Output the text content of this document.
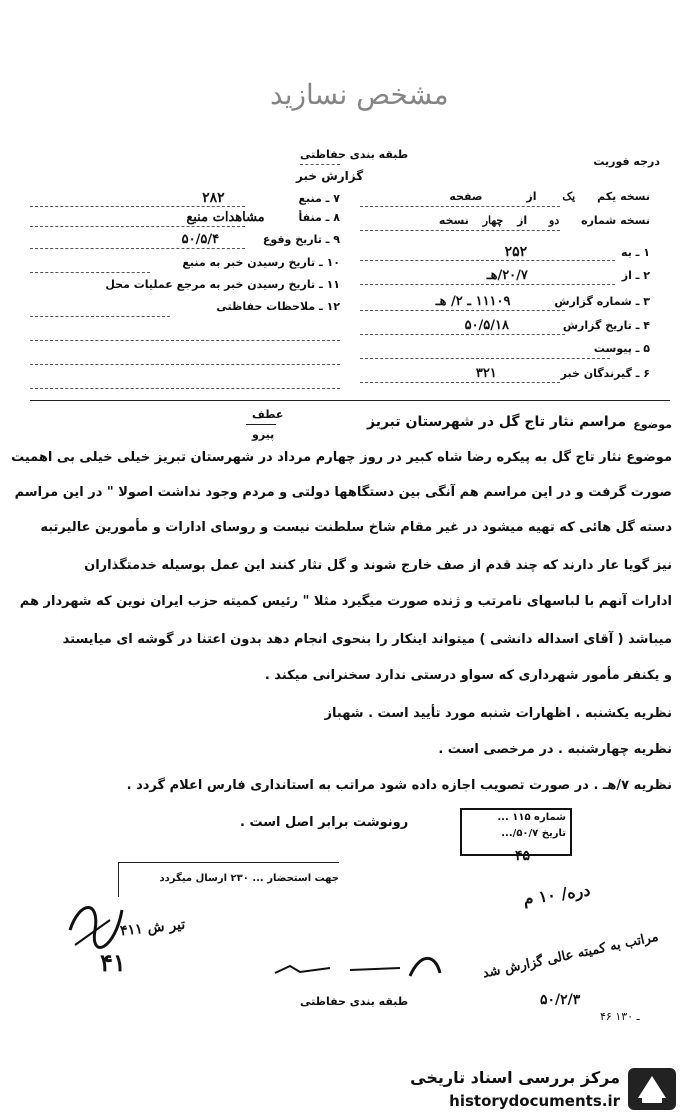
مشخص نسازید
طبقه بندی حفاظتی
گزارش خبر
درجه فوریت
نسخه یکم یک از صفحه
نسخه شماره دو از چهار نسخه
۱ ـ به ۲۵۲
۲ ـ از ۲۰/۷/هـ
۳ ـ شماره گزارش ۱۱۱۰۹ ـ ۲/ هـ
۴ ـ تاریخ گزارش ۵۰/۵/۱۸
۵ ـ پیوست
۶ ـ گیرندگان خبر ۳۲۱
۷ ـ منبع ۲۸۲
۸ ـ منفأ مشاهدات منبع
۹ ـ تاریخ وقوع ۵۰/۵/۴
۱۰ ـ تاریخ رسیدن خبر به منبع
۱۱ ـ تاریخ رسیدن خبر به مرجع عملیات محل
۱۲ ـ ملاحظات حفاظتی
عطف
پیرو
موضوع
مراسم نثار تاج گل در شهرستان تبریز
موضوع نثار تاج گل به پیکره رضا شاه کبیر در روز چهارم مرداد در شهرستان تبریز خیلی خیلی بی اهمیت
صورت گرفت و در این مراسم هم آنگی بین دستگاهها دولتی و مردم وجود نداشت اصولا " در این مراسم
دسته گل هائی که تهیه میشود در غیر مقام شاخ سلطنت نیست و روسای ادارات و مأمورین عالیرتبه
نیز گویا عار دارند که چند قدم از صف خارج شوند و گل نثار کنند این عمل بوسیله خدمتگذاران
ادارات آنهم با لباسهای نامرتب و ژنده صورت میگیرد مثلا " رئیس کمیته حزب ایران نوین که شهردار هم
میباشد ( آقای اسداله دانشی ) میتواند اینکار را بنحوی انجام دهد بدون اعتنا در گوشه ای میایستد
و یکنفر مأمور شهرداری که سواو درستی ندارد سخنرانی میکند .
نظریه یکشنبه . اظهارات شنبه مورد تأیید است . شهباز
نظریه چهارشنبه . در مرخصی است .
نظریه ۷/هـ . در صورت تصویب اجازه داده شود مراتب به استانداری فارس اعلام گردد .
رونوشت برابر اصل است .	شماره ۱۱۵ ...
تاریخ ۵۰/۷/...
۴۵
جهت استحضار ... ۲۳۰ ارسال میگردد
تیر ش ۴۱۱
۴۱
دره/ ۱۰ م
مراتب به کمیته عالی گزارش شد
۵۰/۲/۳
۴۶ ـ ۱۳۰
طبقه بندی حفاظتی
مرکز بررسی اسناد تاریخی
historydocuments.ir
